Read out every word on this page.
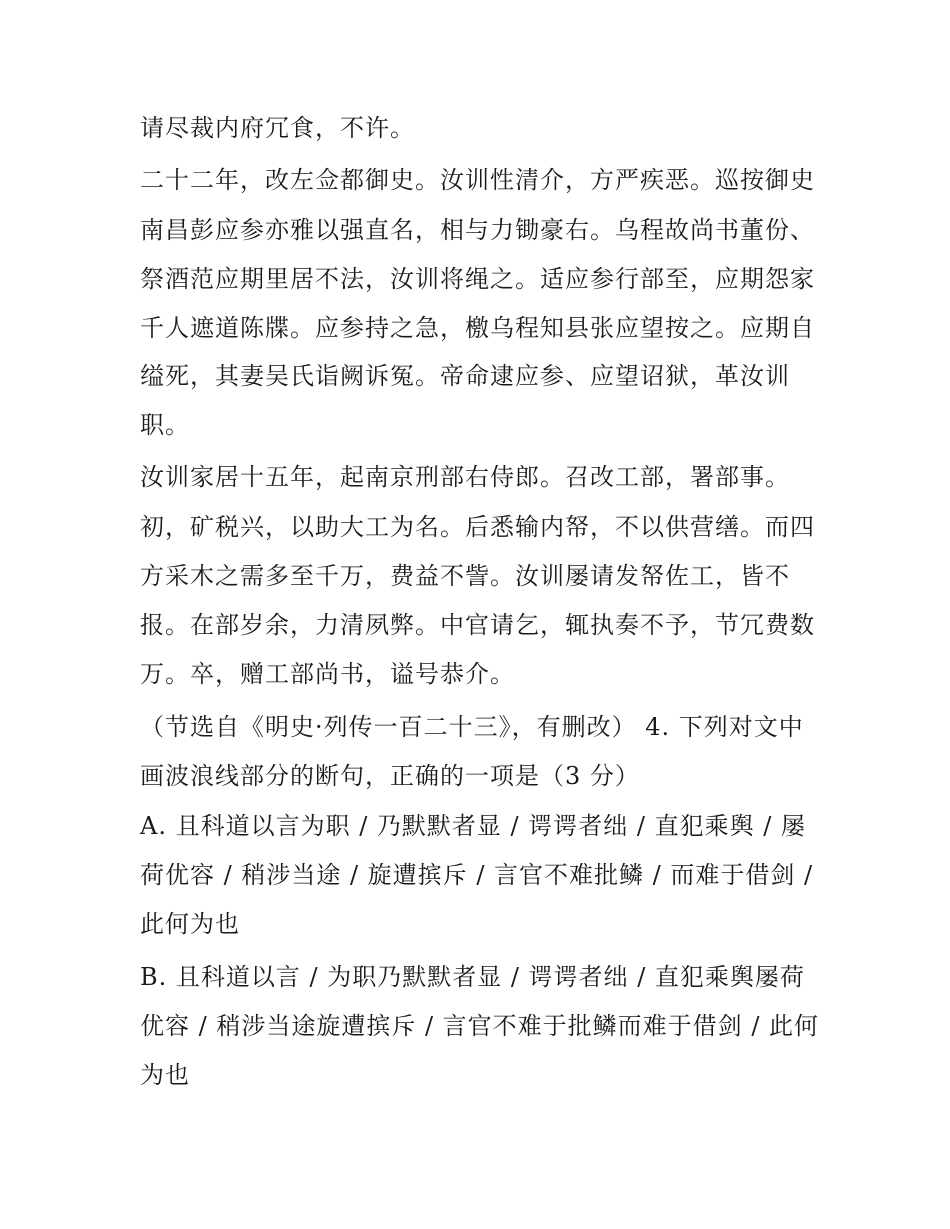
请尽裁内府冗食，不许。
二十二年，改左佥都御史。汝训性清介，方严疾恶。巡按御史
南昌彭应参亦雅以强直名，相与力锄豪右。乌程故尚书董份、
祭酒范应期里居不法，汝训将绳之。适应参行部至，应期怨家
千人遮道陈牒。应参持之急，檄乌程知县张应望按之。应期自
缢死，其妻吴氏诣阙诉冤。帝命逮应参、应望诏狱，革汝训
职。
汝训家居十五年，起南京刑部右侍郎。召改工部，署部事。
初，矿税兴，以助大工为名。后悉输内帑，不以供营缮。而四
方采木之需多至千万，费益不訾。汝训屡请发帑佐工，皆不
报。在部岁余，力清夙弊。中官请乞，辄执奏不予，节冗费数
万。卒，赠工部尚书，谥号恭介。
（节选自《明史·列传一百二十三》，有删改） 4. 下列对文中
画波浪线部分的断句，正确的一项是（3 分）
A. 且科道以言为职 / 乃默默者显 / 谔谔者绌 / 直犯乘舆 / 屡
荷优容 / 稍涉当途 / 旋遭摈斥 / 言官不难批鳞 / 而难于借剑 /
此何为也
B. 且科道以言 / 为职乃默默者显 / 谔谔者绌 / 直犯乘舆屡荷
优容 / 稍涉当途旋遭摈斥 / 言官不难于批鳞而难于借剑 / 此何
为也
